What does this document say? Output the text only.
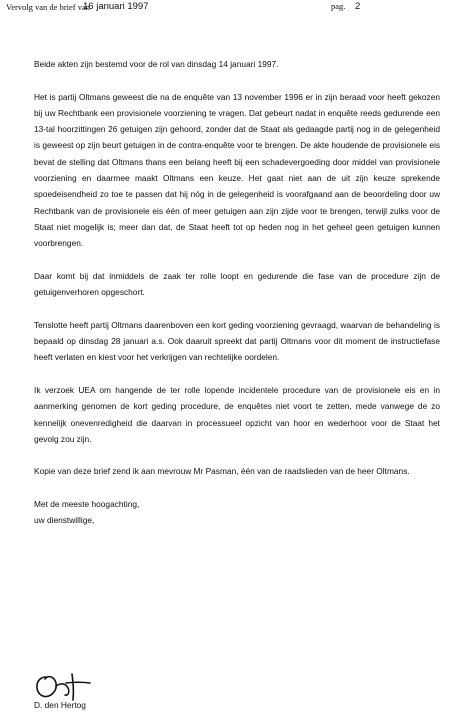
Vervolg van de brief van
16 januari 1997	pag. 2

Beide akten zijn bestemd voor de rol van dinsdag 14 januari 1997.

Het is partij Oltmans geweest die na de enquête van 13 november 1996 er in zijn beraad voor heeft gekozen bij uw Rechtbank een provisionele voorziening te vragen. Dat gebeurt nadat in enquête reeds gedurende een 13-tal hoorzittingen 26 getuigen zijn gehoord, zonder dat de Staat als gedaagde partij nog in de gelegenheid is geweest op zijn beurt getuigen in de contra-enquête voor te brengen. De akte houdende de provisionele eis bevat de stelling dat Oltmans thans een belang heeft bij een schadevergoeding door middel van provisionele voorziening en daarmee maakt Oltmans een keuze. Het gaat niet aan de uit zijn keuze sprekende spoedeisendheid zo toe te passen dat hij nóg in de gelegenheid is voorafgaand aan de beoordeling door uw Rechtbank van de provisionele eis één of meer getuigen aan zijn zijde voor te brengen, terwijl zulks voor de Staat niet mogelijk is; meer dan dat, de Staat heeft tot op heden nog in het geheel geen getuigen kunnen voorbrengen.

Daar komt bij dat inmiddels de zaak ter rolle loopt en gedurende die fase van de procedure zijn de getuigenverhoren opgeschort.

Tenslotte heeft partij Oltmans daarenboven een kort geding voorziening gevraagd, waarvan de behandeling is bepaald op dinsdag 28 januari a.s. Ook daaruit spreekt dat partij Oltmans voor dit moment de instructiefase heeft verlaten en kiest voor het verkrijgen van rechtelijke oordelen.

Ik verzoek UEA om hangende de ter rolle lopende incidentele procedure van de provisionele eis en in aanmerking genomen de kort geding procedure, de enquêtes niet voort te zetten, mede vanwege de zo kennelijk onevenredigheid die daarvan in processueel opzicht van hoor en wederhoor voor de Staat het gevolg zou zijn.

Kopie van deze brief zend ik aan mevrouw Mr Pasman, één van de raadslieden van de heer Oltmans.

Met de meeste hoogachting,

uw dienstwillige,

D. den Hertog
